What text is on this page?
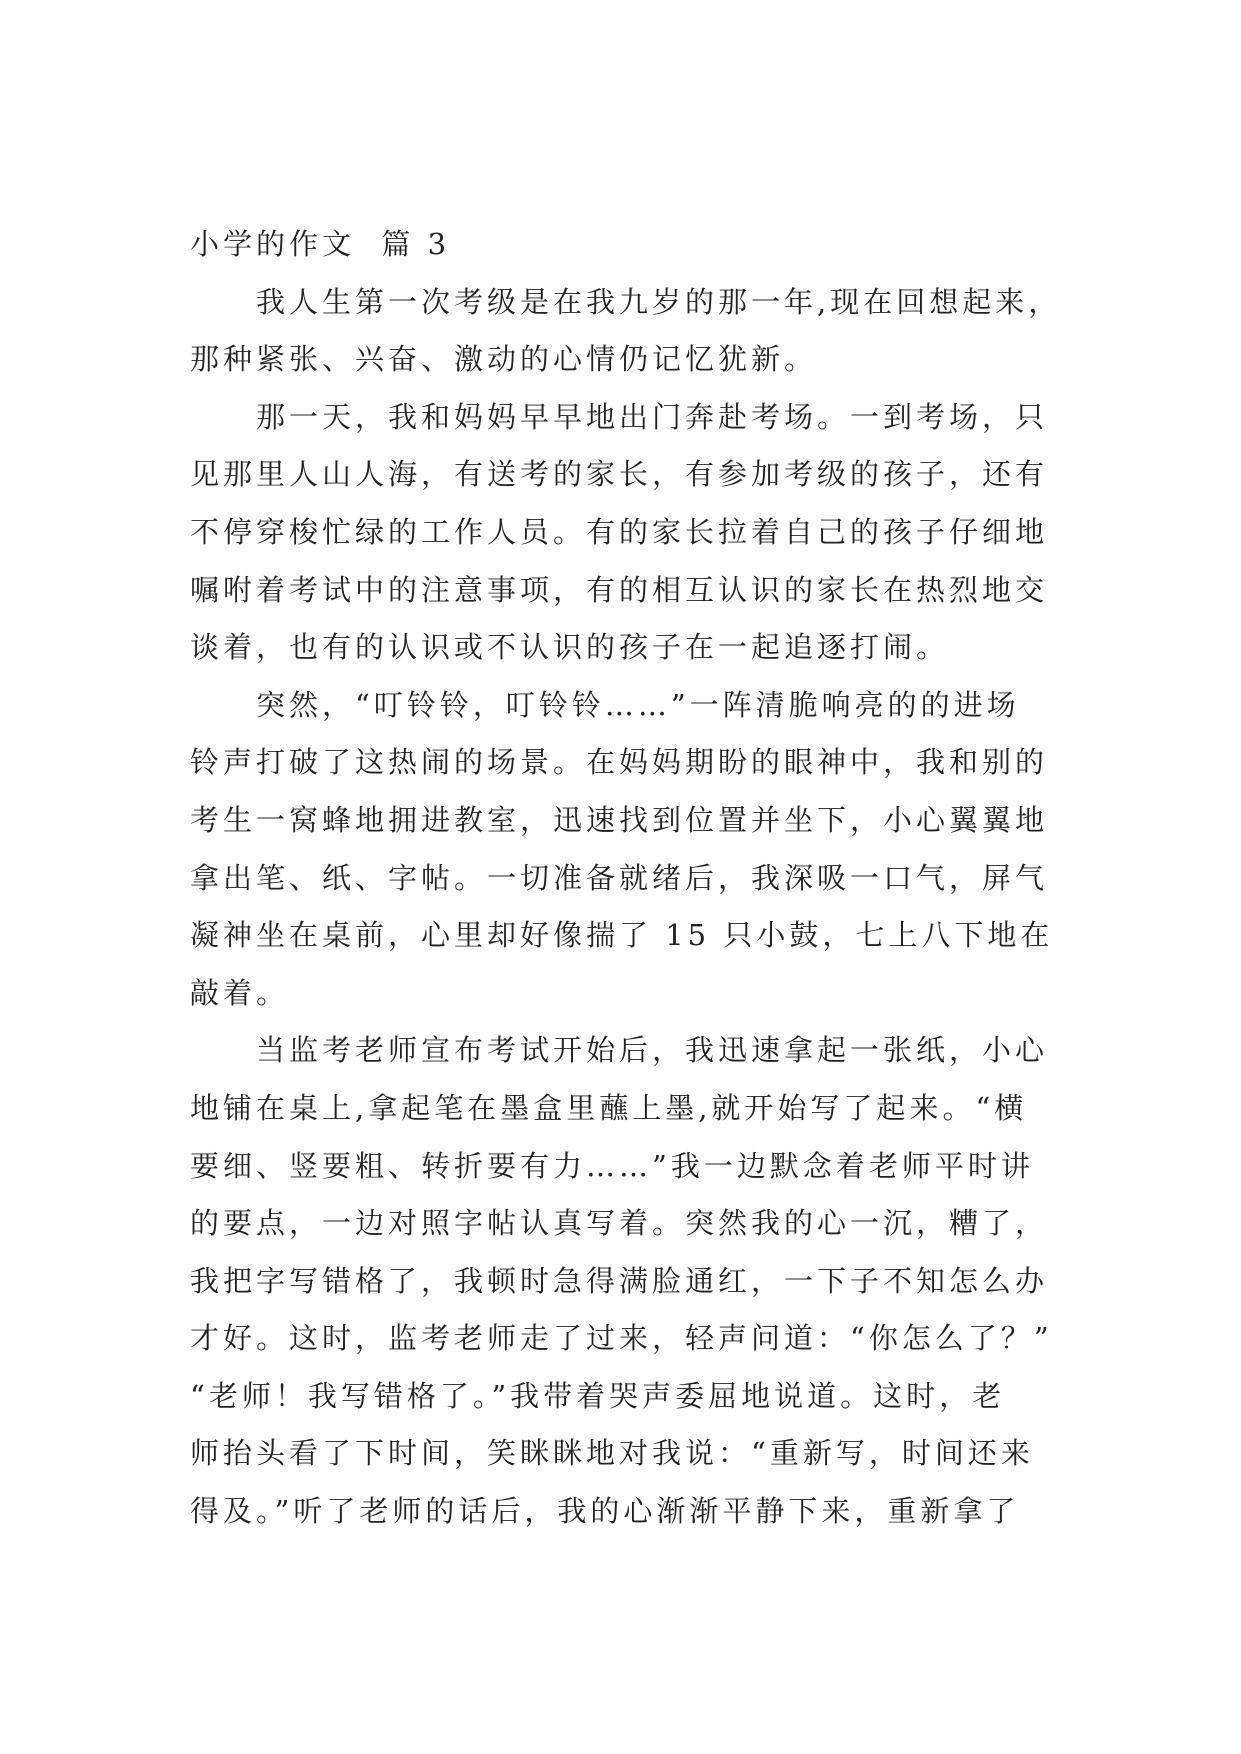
小学的作文  篇 3
我人生第一次考级是在我九岁的那一年,现在回想起来，
那种紧张、兴奋、激动的心情仍记忆犹新。
那一天，我和妈妈早早地出门奔赴考场。一到考场，只
见那里人山人海，有送考的家长，有参加考级的孩子，还有
不停穿梭忙绿的工作人员。有的家长拉着自己的孩子仔细地
嘱咐着考试中的注意事项，有的相互认识的家长在热烈地交
谈着，也有的认识或不认识的孩子在一起追逐打闹。
突然，“叮铃铃，叮铃铃……”一阵清脆响亮的的进场
铃声打破了这热闹的场景。在妈妈期盼的眼神中，我和别的
考生一窝蜂地拥进教室，迅速找到位置并坐下，小心翼翼地
拿出笔、纸、字帖。一切准备就绪后，我深吸一口气，屏气
凝神坐在桌前，心里却好像揣了 15 只小鼓，七上八下地在
敲着。
当监考老师宣布考试开始后，我迅速拿起一张纸，小心
地铺在桌上,拿起笔在墨盒里蘸上墨,就开始写了起来。“横
要细、竖要粗、转折要有力……”我一边默念着老师平时讲
的要点，一边对照字帖认真写着。突然我的心一沉，糟了，
我把字写错格了，我顿时急得满脸通红，一下子不知怎么办
才好。这时，监考老师走了过来，轻声问道：“你怎么了？”
“老师！我写错格了。”我带着哭声委屈地说道。这时，老
师抬头看了下时间，笑眯眯地对我说：“重新写，时间还来
得及。”听了老师的话后，我的心渐渐平静下来，重新拿了
